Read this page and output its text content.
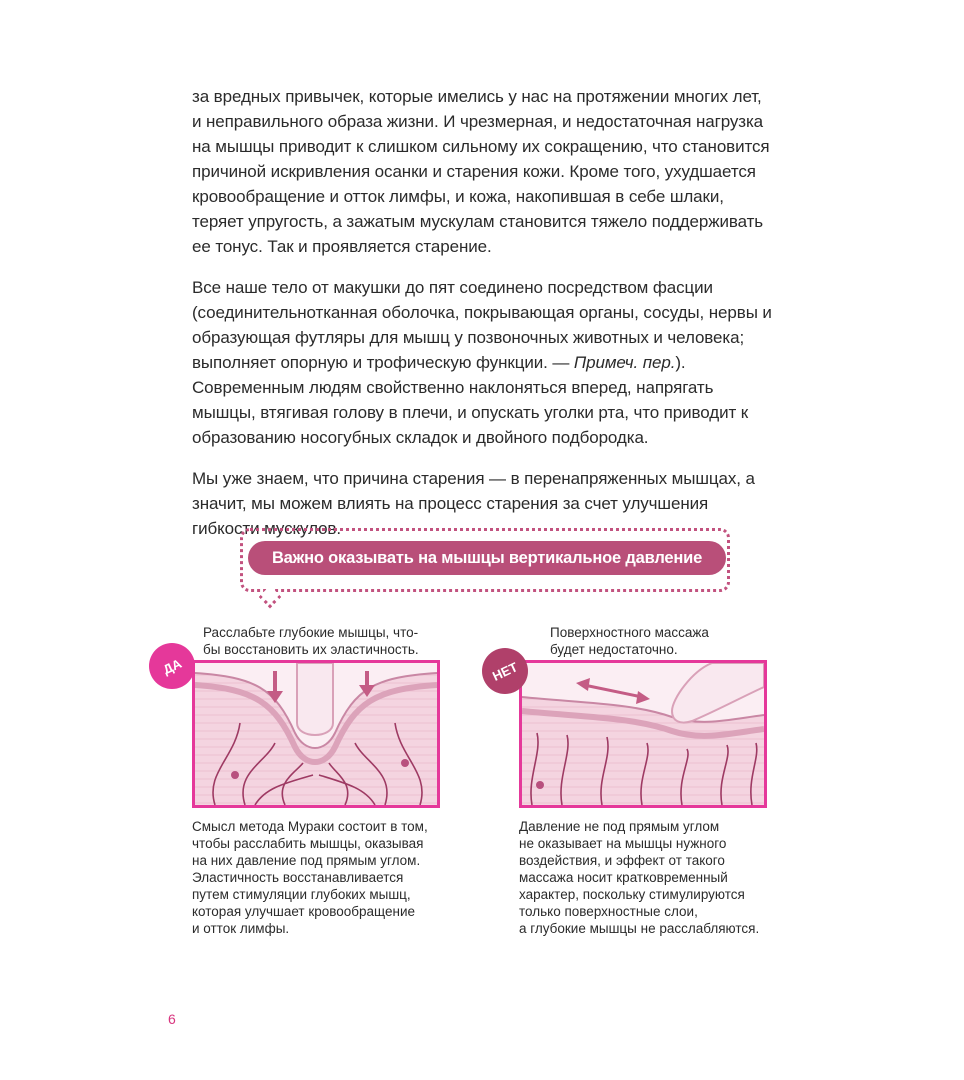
за вредных привычек, которые имелись у нас на протяжении многих лет, и неправильного образа жизни. И чрезмерная, и недостаточная нагрузка на мышцы приводит к слишком сильному их сокращению, что становится причиной искривления осанки и старения кожи. Кроме того, ухудшается кровообращение и отток лимфы, и кожа, накопившая в себе шлаки, теряет упругость, а зажатым мускулам становится тяжело поддерживать ее тонус. Так и проявляется старение.

Все наше тело от макушки до пят соединено посредством фасции (соединительнотканная оболочка, покрывающая органы, сосуды, нервы и образующая футляры для мышц у позвоночных животных и человека; выполняет опорную и трофическую функции. — Примеч. пер.). Современным людям свойственно наклоняться вперед, напрягать мышцы, втягивая голову в плечи, и опускать уголки рта, что приводит к образованию носогубных складок и двойного подбородка.

Мы уже знаем, что причина старения — в перенапряженных мышцах, а значит, мы можем влиять на процесс старения за счет улучшения гибкости мускулов.

Важно оказывать на мышцы вертикальное давление
Расслабьте глубокие мышцы, что-
бы восстановить их эластичность.
ДА
Смысл метода Мураки состоит в том,
чтобы расслабить мышцы, оказывая
на них давление под прямым углом.
Эластичность восстанавливается
путем стимуляции глубоких мышц,
которая улучшает кровообращение
и отток лимфы.
Поверхностного массажа
будет недостаточно.
НЕТ
Давление не под прямым углом
не оказывает на мышцы нужного
воздействия, и эффект от такого
массажа носит кратковременный
характер, поскольку стимулируются
только поверхностные слои,
а глубокие мышцы не расслабляются.
6
